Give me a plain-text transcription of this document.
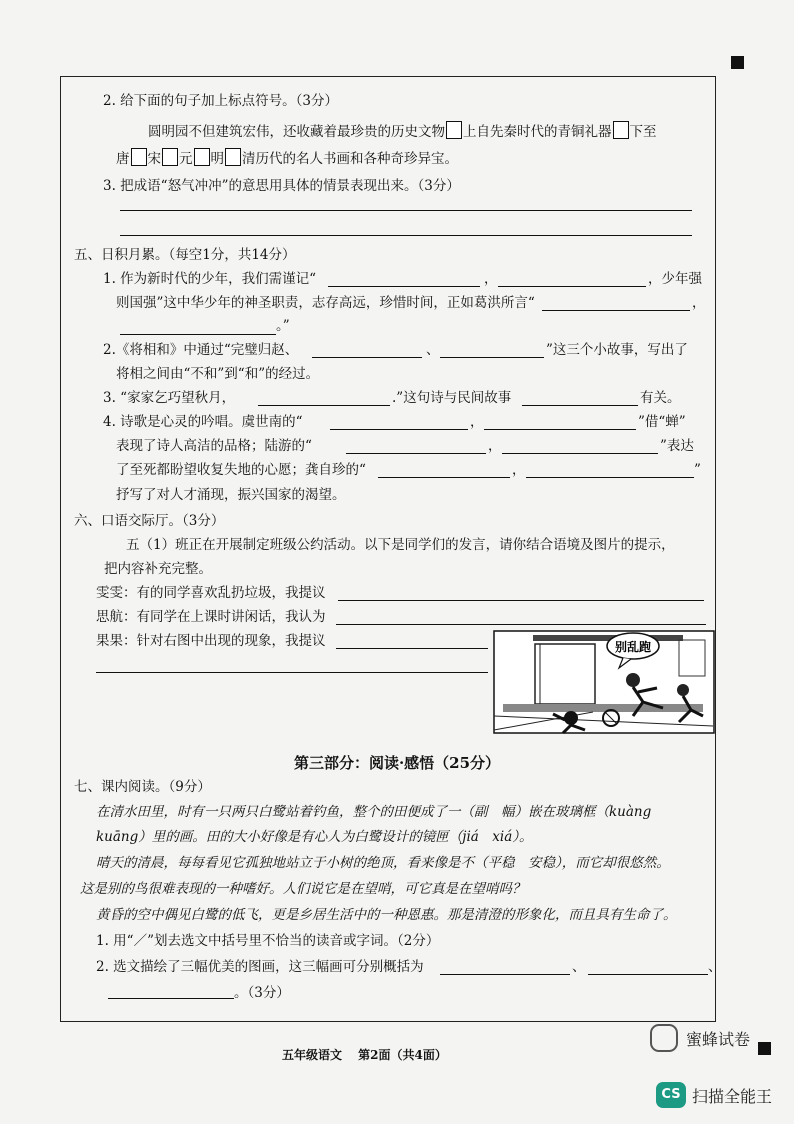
2. 给下面的句子加上标点符号。（3分）
圆明园不但建筑宏伟，还收藏着最珍贵的历史文物 上自先秦时代的青铜礼器 下至
唐 宋 元 明 清历代的名人书画和各种奇珍异宝。
3. 把成语“怒气冲冲”的意思用具体的情景表现出来。（3分）
五、日积月累。（每空1分，共14分）
1. 作为新时代的少年，我们需谨记“	，	，少年强
则国强”这中华少年的神圣职责，志存高远，珍惜时间，正如葛洪所言“	，
。”
2.《将相和》中通过“完璧归赵、	、	”这三个小故事，写出了
将相之间由“不和”到“和”的经过。
3. “家家乞巧望秋月，	.”这句诗与民间故事	有关。
4. 诗歌是心灵的吟唱。虞世南的“	，	”借“蝉”
表现了诗人高洁的品格；陆游的“	，	”表达
了至死都盼望收复失地的心愿；龚自珍的“	，	”
抒写了对人才涌现，振兴国家的渴望。
六、口语交际厅。（3分）
五（1）班正在开展制定班级公约活动。以下是同学们的发言，请你结合语境及图片的提示，
把内容补充完整。
雯雯：有的同学喜欢乱扔垃圾，我提议
思航：有同学在上课时讲闲话，我认为
果果：针对右图中出现的现象，我提议	别乱跑
第三部分：阅读·感悟（25分）
七、课内阅读。（9分）
在清水田里，时有一只两只白鹭站着钓鱼，整个的田便成了一（副　幅）嵌在玻璃框（kuàng
kuāng）里的画。田的大小好像是有心人为白鹭设计的镜匣（jiá　xiá）。
晴天的清晨，每每看见它孤独地站立于小树的绝顶，看来像是不（平稳　安稳），而它却很悠然。
这是别的鸟很难表现的一种嗜好。人们说它是在望哨，可它真是在望哨吗？
黄昏的空中偶见白鹭的低飞，更是乡居生活中的一种恩惠。那是清澄的形象化，而且具有生命了。
1. 用“／”划去选文中括号里不恰当的读音或字词。（2分）
2. 选文描绘了三幅优美的图画，这三幅画可分别概括为	、	、
。（3分）
五年级语文　 第2面（共4面）
蜜蜂试卷
CS 扫描全能王
